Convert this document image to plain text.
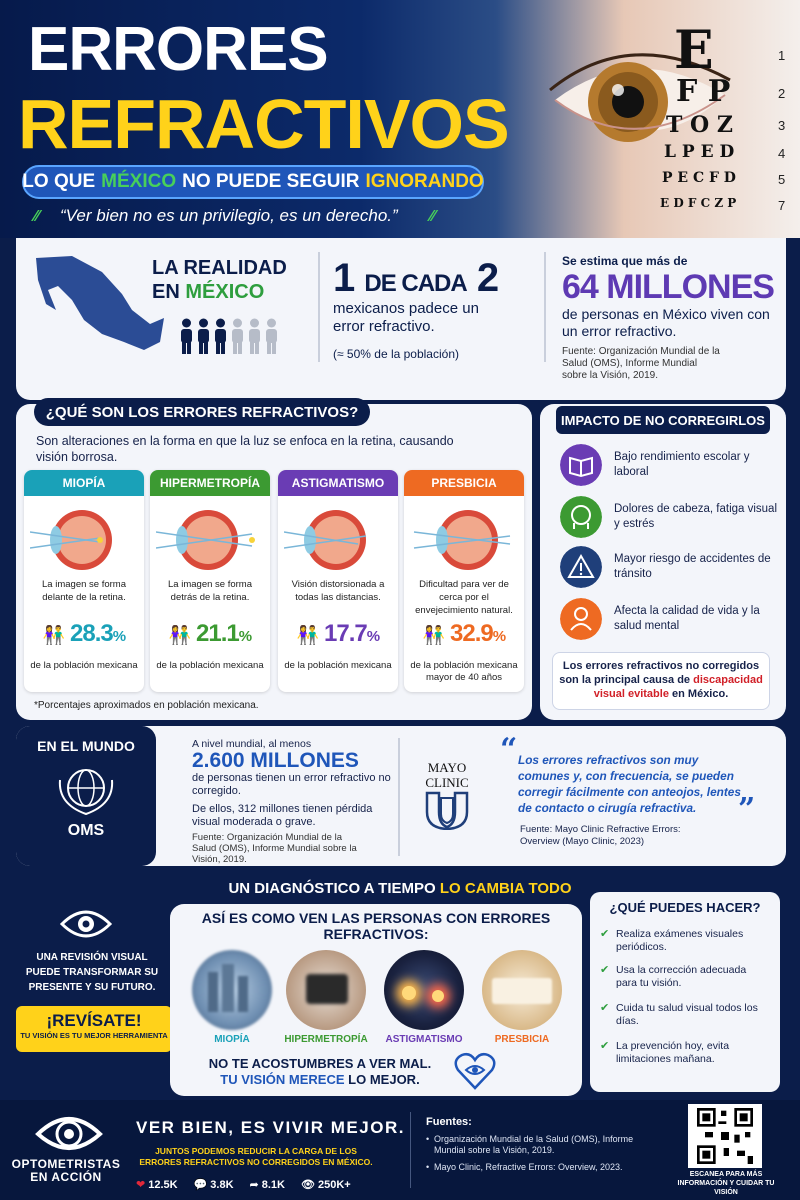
ERRORES
REFRACTIVOS
LO QUE MÉXICO NO PUEDE SEGUIR IGNORANDO
⁄⁄ “Ver bien no es un privilegio, es un derecho.” ⁄⁄
E	1
F P	2
T O Z	3
L P E D	4
P E C F D	5
E D F C Z P	7
LA REALIDAD
EN MÉXICO	1 DE CADA 2
mexicanos padece un error refractivo.
(≈ 50% de la población)
Se estima que más de
64 MILLONES
de personas en México viven con un error refractivo.
Fuente: Organización Mundial de la Salud (OMS), Informe Mundial sobre la Visión, 2019.
¿QUÉ SON LOS ERRORES REFRACTIVOS?
Son alteraciones en la forma en que la luz se enfoca en la retina, causando visión borrosa.
MIOPÍA
La imagen se forma delante de la retina.
👫 28.3%
de la población mexicana
HIPERMETROPÍA
La imagen se forma detrás de la retina.
👫 21.1%
de la población mexicana
ASTIGMATISMO
Visión distorsionada a todas las distancias.
👫 17.7%
de la población mexicana
PRESBICIA
Dificultad para ver de cerca por el envejecimiento natural.
👫 32.9%
de la población mexicana mayor de 40 años
*Porcentajes aproximados en población mexicana.
IMPACTO DE NO CORREGIRLOS
Bajo rendimiento escolar y laboral
Dolores de cabeza, fatiga visual y estrés
Mayor riesgo de accidentes de tránsito
Afecta la calidad de vida y la salud mental
Los errores refractivos no corregidos son la principal causa de discapacidad visual evitable en México.
EN EL MUNDO
OMS
A nivel mundial, al menos
2.600 MILLONES
de personas tienen un error refractivo no corregido.
De ellos, 312 millones tienen pérdida visual moderada o grave.
Fuente: Organización Mundial de la Salud (OMS), Informe Mundial sobre la Visión, 2019.
MAYO
CLINIC
“ Los errores refractivos son muy comunes y, con frecuencia, se pueden corregir fácilmente con anteojos, lentes de contacto o cirugía refractiva.	”
Fuente: Mayo Clinic Refractive Errors: Overview (Mayo Clinic, 2023)
UN DIAGNÓSTICO A TIEMPO LO CAMBIA TODO
UNA REVISIÓN VISUAL PUEDE TRANSFORMAR SU PRESENTE Y SU FUTURO.
¡REVÍSATE!
TU VISIÓN ES TU MEJOR HERRAMIENTA
ASÍ ES COMO VEN LAS PERSONAS CON ERRORES REFRACTIVOS:
MIOPÍA	HIPERMETROPÍA	ASTIGMATISMO	PRESBICIA
NO TE ACOSTUMBRES A VER MAL.
TU VISIÓN MERECE LO MEJOR.
¿QUÉ PUEDES HACER?
✔ Realiza exámenes visuales periódicos.
✔ Usa la corrección adecuada para tu visión.
✔ Cuida tu salud visual todos los días.
✔ La prevención hoy, evita limitaciones mañana.
OPTOMETRISTAS
EN ACCIÓN
VER BIEN, ES VIVIR MEJOR.
JUNTOS PODEMOS REDUCIR LA CARGA DE LOS ERRORES REFRACTIVOS NO CORREGIDOS EN MÉXICO.
❤ 12.5K 💬 3.8K ➦ 8.1K 👁 250K+
Fuentes:
• Organización Mundial de la Salud (OMS), Informe Mundial sobre la Visión, 2019.
• Mayo Clinic, Refractive Errors: Overview, 2023.
ESCANEA PARA MÁS INFORMACIÓN Y CUIDAR TU VISIÓN
